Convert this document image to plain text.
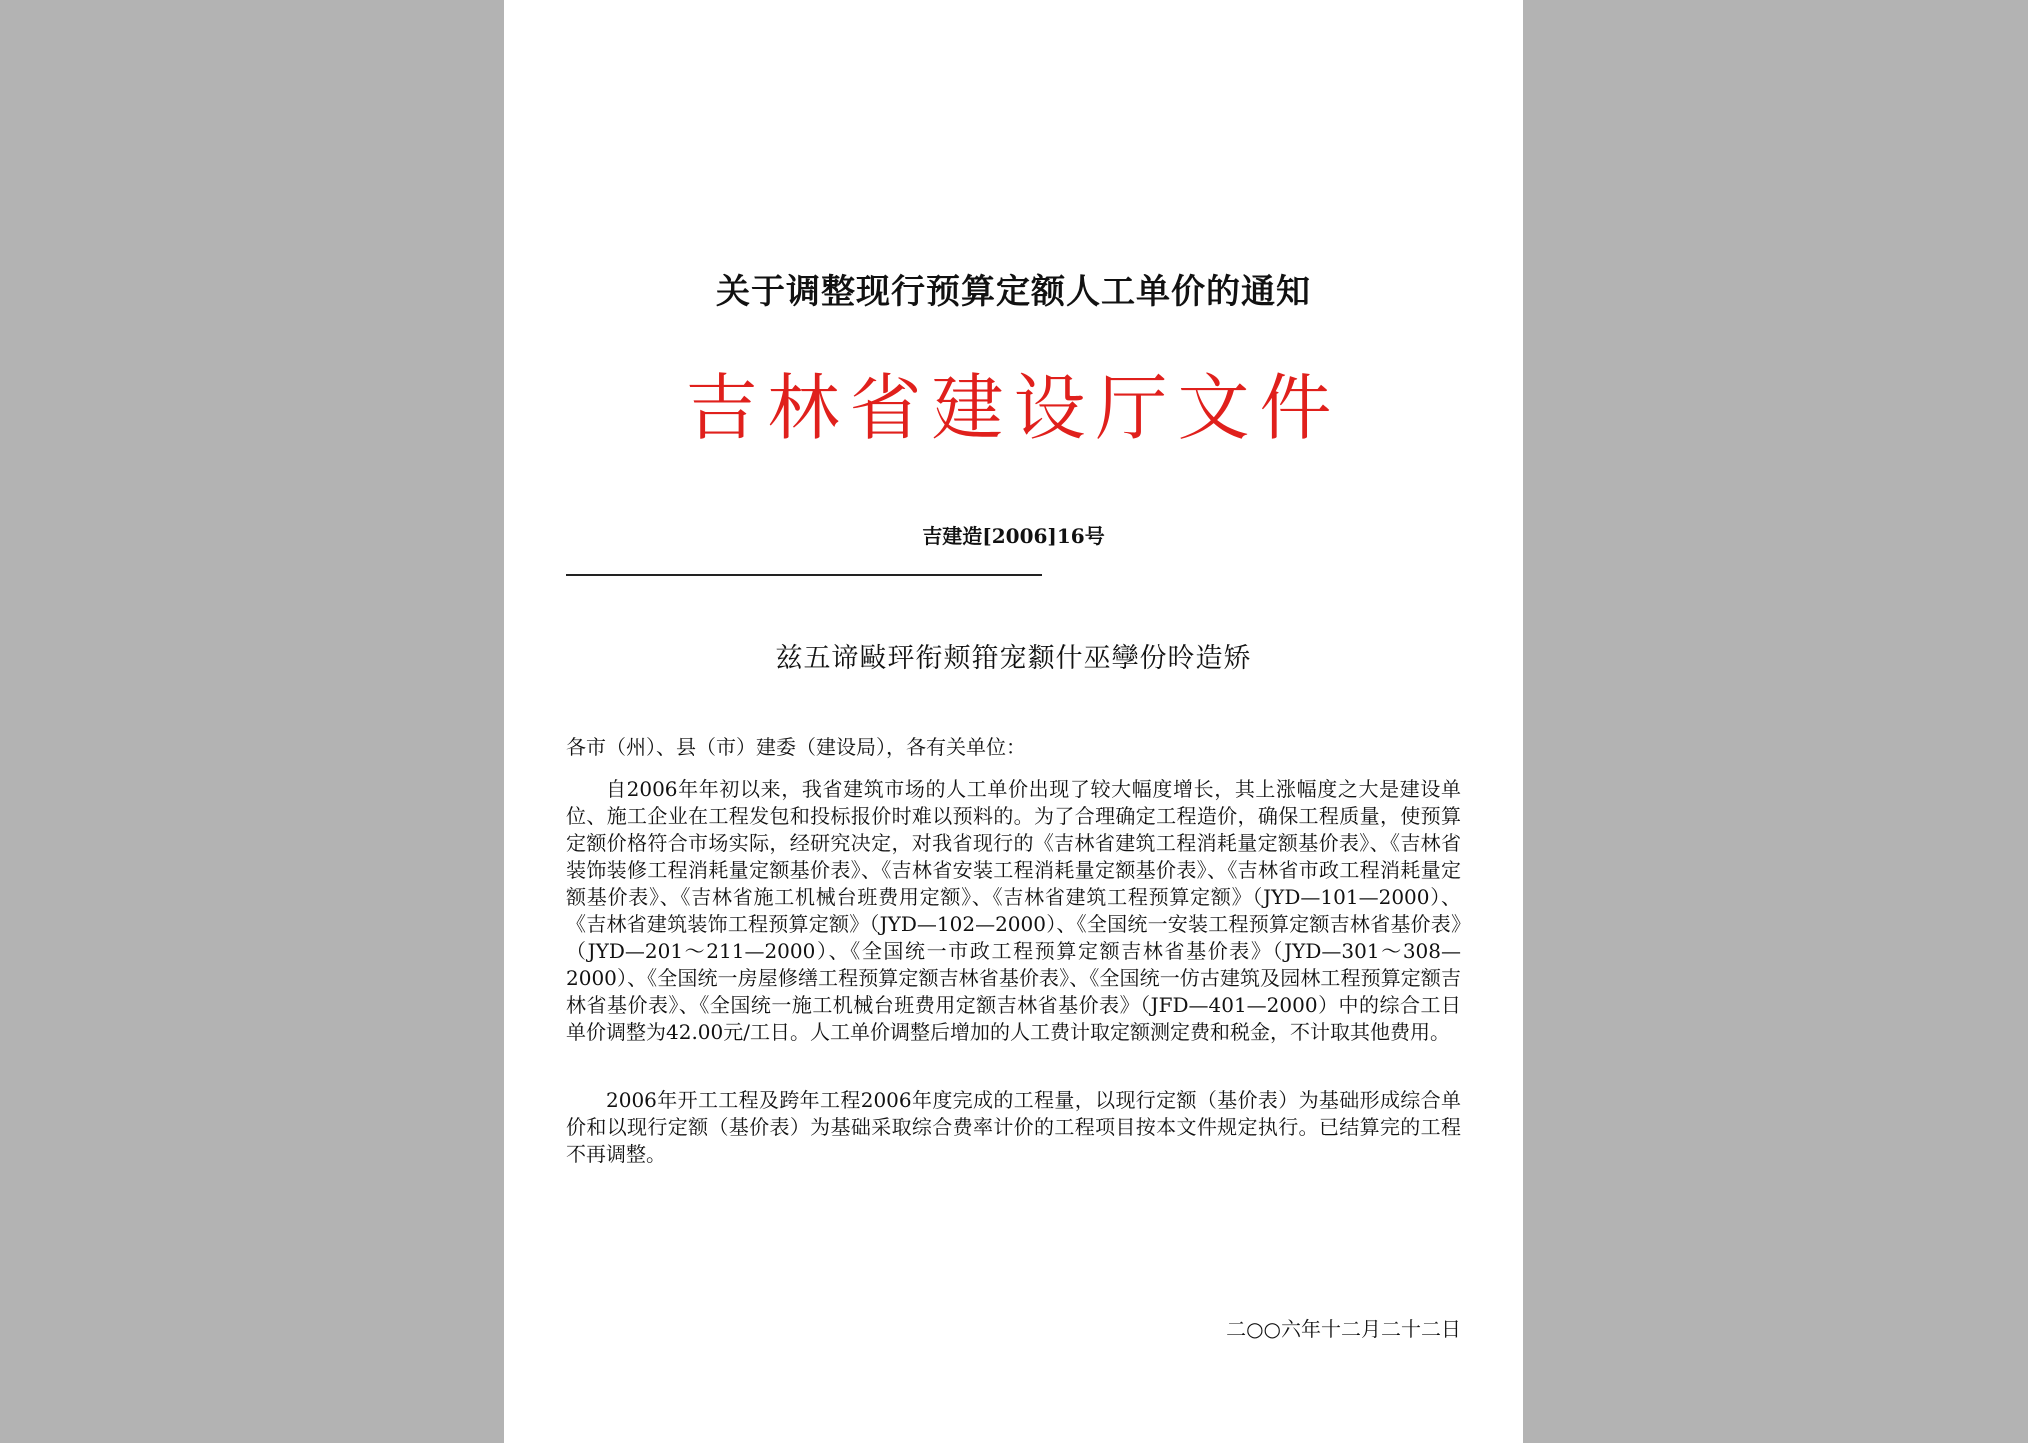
关于调整现行预算定额人工单价的通知
吉林省建设厅文件
吉建造[2006]16号
兹五谛敺玶衔颊箝宠颣什巫孿份昤造矫
各市（州）、县（市）建委（建设局），各有关单位：
自2006年年初以来，我省建筑市场的人工单价出现了较大幅度增长，其上涨幅度之大是建设单位、施工企业在工程发包和投标报价时难以预料的。为了合理确定工程造价，确保工程质量，使预算定额价格符合市场实际，经研究决定，对我省现行的《吉林省建筑工程消耗量定额基价表》、《吉林省装饰装修工程消耗量定额基价表》、《吉林省安装工程消耗量定额基价表》、《吉林省市政工程消耗量定额基价表》、《吉林省施工机械台班费用定额》、《吉林省建筑工程预算定额》（JYD—101—2000）、《吉林省建筑装饰工程预算定额》（JYD—102—2000）、《全国统一安装工程预算定额吉林省基价表》（JYD—201～211—2000）、《全国统一市政工程预算定额吉林省基价表》（JYD—301～308—2000）、《全国统一房屋修缮工程预算定额吉林省基价表》、《全国统一仿古建筑及园林工程预算定额吉林省基价表》、《全国统一施工机械台班费用定额吉林省基价表》（JFD—401—2000）中的综合工日单价调整为42.00元/工日。人工单价调整后增加的人工费计取定额测定费和税金，不计取其他费用。
2006年开工工程及跨年工程2006年度完成的工程量，以现行定额（基价表）为基础形成综合单价和以现行定额（基价表）为基础采取综合费率计价的工程项目按本文件规定执行。已结算完的工程不再调整。
二○○六年十二月二十二日
